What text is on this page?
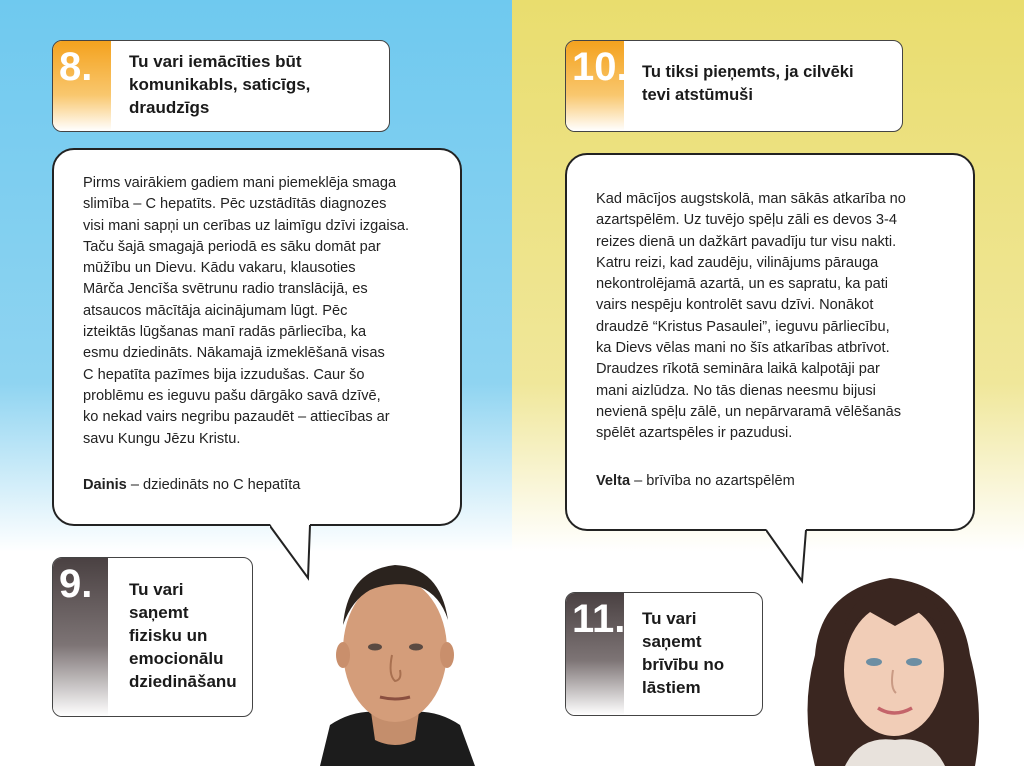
8.	Tu vari iemācīties būt
komunikabls, saticīgs,
draudzīgs
Pirms vairākiem gadiem mani piemeklēja smaga
slimība – C hepatīts. Pēc uzstādītās diagnozes
visi mani sapņi un cerības uz laimīgu dzīvi izgaisa.
Taču šajā smagajā periodā es sāku domāt par
mūžību un Dievu. Kādu vakaru, klausoties
Mārča Jencīša svētrunu radio translācijā, es
atsaucos mācītāja aicinājumam lūgt. Pēc
izteiktās lūgšanas manī radās pārliecība, ka
esmu dziedināts. Nākamajā izmeklēšanā visas
C hepatīta pazīmes bija izzudušas. Caur šo
problēmu es ieguvu pašu dārgāko savā dzīvē,
ko nekad vairs negribu pazaudēt – attiecības ar
savu Kungu Jēzu Kristu.
Dainis – dziedināts no C hepatīta
9.	Tu vari
saņemt
fizisku un
emocionālu
dziedināšanu
10. Tu tiksi pieņemts, ja cilvēki
tevi atstūmuši
Kad mācījos augstskolā, man sākās atkarība no
azartspēlēm. Uz tuvējo spēļu zāli es devos 3-4
reizes dienā un dažkārt pavadīju tur visu nakti.
Katru reizi, kad zaudēju, vilinājums pārauga
nekontrolējamā azartā, un es sapratu, ka pati
vairs nespēju kontrolēt savu dzīvi. Nonākot
draudzē “Kristus Pasaulei”, ieguvu pārliecību,
ka Dievs vēlas mani no šīs atkarības atbrīvot.
Draudzes rīkotā semināra laikā kalpotāji par
mani aizlūdza. No tās dienas neesmu bijusi
nevienā spēļu zālē, un nepārvaramā vēlēšanās
spēlēt azartspēles ir pazudusi.
Velta – brīvība no azartspēlēm
11. Tu vari
saņemt
brīvību no
lāstiem
